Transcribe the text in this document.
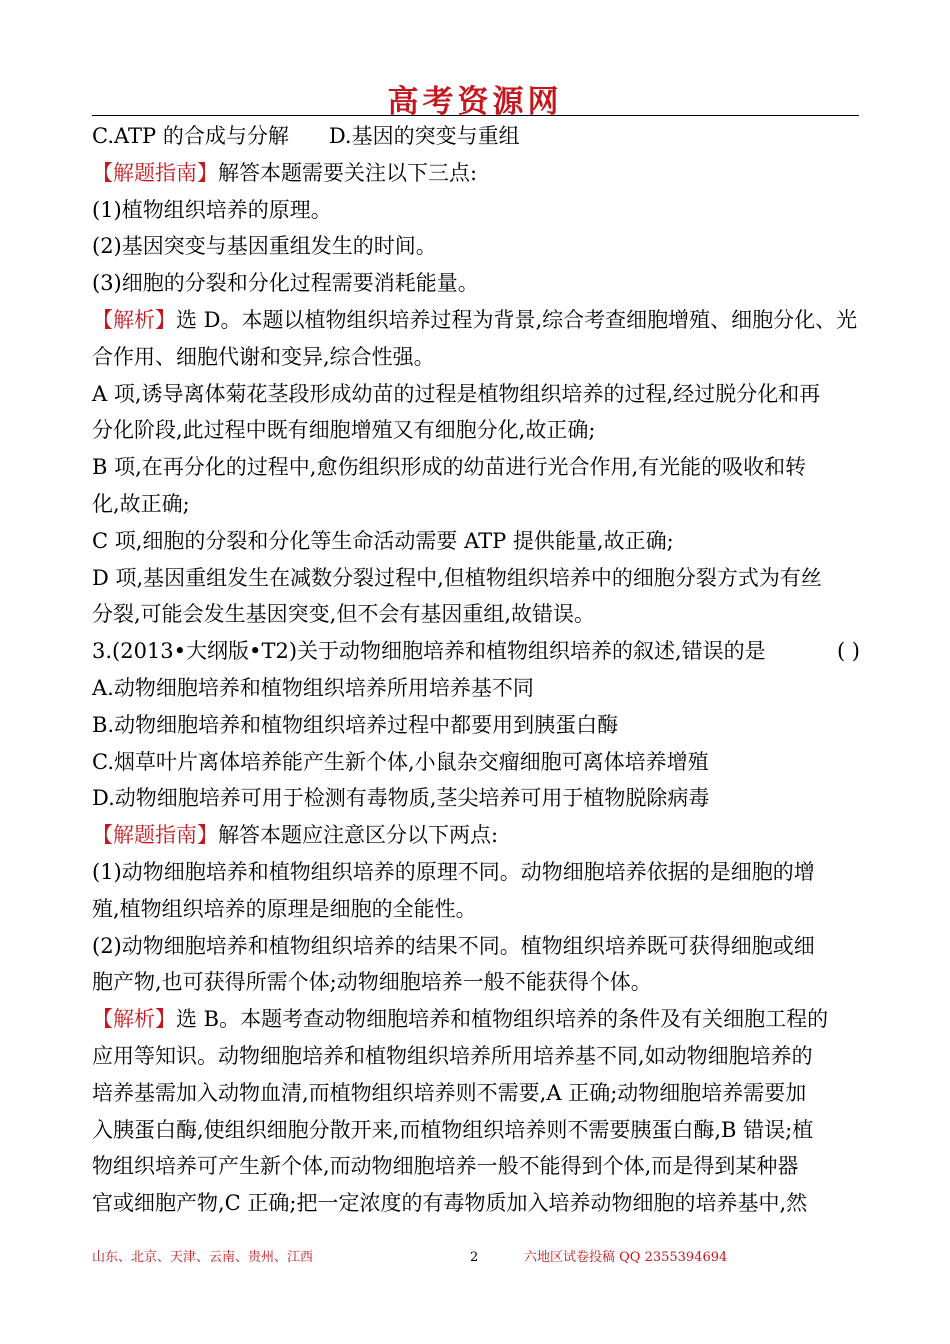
高考资源网
C.ATP 的合成与分解 D.基因的突变与重组
【解题指南】解答本题需要关注以下三点:
(1)植物组织培养的原理。
(2)基因突变与基因重组发生的时间。
(3)细胞的分裂和分化过程需要消耗能量。
【解析】选 D。本题以植物组织培养过程为背景,综合考查细胞增殖、细胞分化、光
合作用、细胞代谢和变异,综合性强。
A 项,诱导离体菊花茎段形成幼苗的过程是植物组织培养的过程,经过脱分化和再
分化阶段,此过程中既有细胞增殖又有细胞分化,故正确;
B 项,在再分化的过程中,愈伤组织形成的幼苗进行光合作用,有光能的吸收和转
化,故正确;
C 项,细胞的分裂和分化等生命活动需要 ATP 提供能量,故正确;
D 项,基因重组发生在减数分裂过程中,但植物组织培养中的细胞分裂方式为有丝
分裂,可能会发生基因突变,但不会有基因重组,故错误。
3.(2013•大纲版•T2)关于动物细胞培养和植物组织培养的叙述,错误的是	( )
A.动物细胞培养和植物组织培养所用培养基不同
B.动物细胞培养和植物组织培养过程中都要用到胰蛋白酶
C.烟草叶片离体培养能产生新个体,小鼠杂交瘤细胞可离体培养增殖
D.动物细胞培养可用于检测有毒物质,茎尖培养可用于植物脱除病毒
【解题指南】解答本题应注意区分以下两点:
(1)动物细胞培养和植物组织培养的原理不同。动物细胞培养依据的是细胞的增
殖,植物组织培养的原理是细胞的全能性。
(2)动物细胞培养和植物组织培养的结果不同。植物组织培养既可获得细胞或细
胞产物,也可获得所需个体;动物细胞培养一般不能获得个体。
【解析】选 B。本题考查动物细胞培养和植物组织培养的条件及有关细胞工程的
应用等知识。动物细胞培养和植物组织培养所用培养基不同,如动物细胞培养的
培养基需加入动物血清,而植物组织培养则不需要,A 正确;动物细胞培养需要加
入胰蛋白酶,使组织细胞分散开来,而植物组织培养则不需要胰蛋白酶,B 错误;植
物组织培养可产生新个体,而动物细胞培养一般不能得到个体,而是得到某种器
官或细胞产物,C 正确;把一定浓度的有毒物质加入培养动物细胞的培养基中,然
山东、北京、天津、云南、贵州、江西	2	六地区试卷投稿 QQ 2355394694
